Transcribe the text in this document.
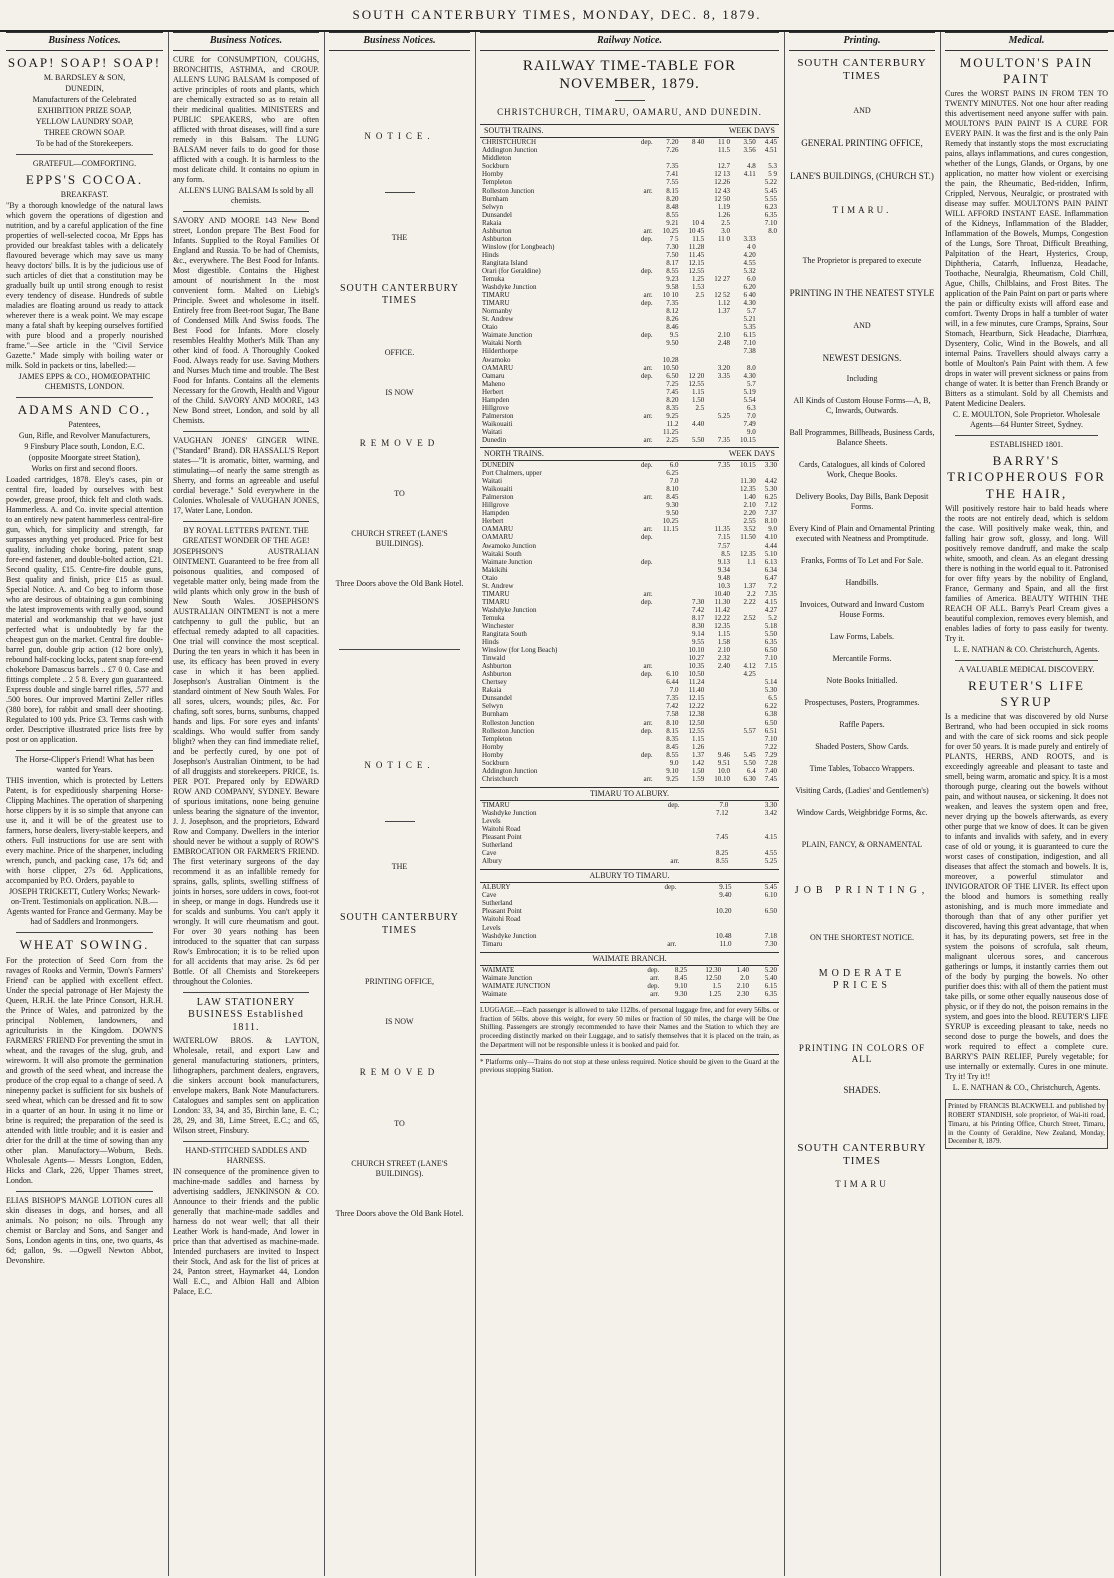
SOUTH CANTERBURY TIMES, MONDAY, DEC. 8, 1879.
Business Notices.
SOAP! SOAP! SOAP!
M. BARDSLEY & SON,
DUNEDIN,
Manufacturers of the Celebrated
EXHIBITION PRIZE SOAP,
YELLOW LAUNDRY SOAP,
THREE CROWN SOAP.
To be had of the Storekeepers.
GRATEFUL—COMFORTING.
EPPS'S COCOA.
BREAKFAST.
"By a thorough knowledge of the natural laws which govern the operations of digestion and nutrition, and by a careful application of the fine properties of well-selected cocoa, Mr Epps has provided our breakfast tables with a delicately flavoured beverage which may save us many heavy doctors' bills. It is by the judicious use of such articles of diet that a constitution may be gradually built up until strong enough to resist every tendency of disease. Hundreds of subtle maladies are floating around us ready to attack wherever there is a weak point. We may escape many a fatal shaft by keeping ourselves fortified with pure blood and a properly nourished frame."—See article in the "Civil Service Gazette." Made simply with boiling water or milk. Sold in packets or tins, labelled:—
JAMES EPPS & CO., HOMŒOPATHIC CHEMISTS, LONDON.
ADAMS AND CO.,
Patentees,
Gun, Rifle, and Revolver Manufacturers,
9 Finsbury Place south, London, E.C.
(opposite Moorgate street Station),
Works on first and second floors.
Loaded cartridges, 1878. Eley's cases, pin or central fire, loaded by ourselves with best powder, grease proof, thick felt and cloth wads. Hammerless. A. and Co. invite special attention to an entirely new patent hammerless central-fire gun, which, for simplicity and strength, far surpasses anything yet produced. Price for best quality, including choke boring, patent snap fore-end fastener, and double-bolted action, £21. Second quality, £15. Centre-fire double guns, Best quality and finish, price £15 as usual. Special Notice. A. and Co beg to inform those who are desirous of obtaining a gun combining the latest improvements with really good, sound material and workmanship that we have just perfected what is undoubtedly by far the cheapest gun on the market. Central fire double-barrel gun, double grip action (12 bore only), rebound half-cocking locks, patent snap fore-end chokebore Damascus barrels .. £7 0 0. Case and fittings complete .. 2 5 8. Every gun guaranteed. Express double and single barrel rifles, .577 and .500 bores. Our improved Martini Zeller rifles (380 bore), for rabbit and small deer shooting. Regulated to 100 yds. Price £3. Terms cash with order. Descriptive illustrated price lists free by post or on application.
The Horse-Clipper's Friend! What has been wanted for Years.
THIS invention, which is protected by Letters Patent, is for expeditiously sharpening Horse-Clipping Machines. The operation of sharpening horse clippers by it is so simple that anyone can use it, and it will be of the greatest use to farmers, horse dealers, livery-stable keepers, and others. Full instructions for use are sent with every machine. Price of the sharpener, including wrench, punch, and packing case, 17s 6d; and with horse clipper, 27s 6d. Applications, accompanied by P.O. Orders, payable to
JOSEPH TRICKETT, Cutlery Works; Newark-on-Trent. Testimonials on application. N.B.—Agents wanted for France and Germany. May be had of Saddlers and Ironmongers.
WHEAT SOWING.
For the protection of Seed Corn from the ravages of Rooks and Vermin, 'Down's Farmers' Friend' can be applied with excellent effect. Under the special patronage of Her Majesty the Queen, H.R.H. the late Prince Consort, H.R.H. the Prince of Wales, and patronized by the principal Noblemen, landowners, and agriculturists in the Kingdom. DOWN'S FARMERS' FRIEND For preventing the smut in wheat, and the ravages of the slug, grub, and wireworm. It will also promote the germination and growth of the seed wheat, and increase the produce of the crop equal to a change of seed. A ninepenny packet is sufficient for six bushels of seed wheat, which can be dressed and fit to sow in a quarter of an hour. In using it no lime or brine is required; the preparation of the seed is attended with little trouble; and it is easier and drier for the drill at the time of sowing than any other plan. Manufactory—Woburn, Beds. Wholesale Agents— Messrs Longton, Edden, Hicks and Clark, 226, Upper Thames street, London.
ELIAS BISHOP'S MANGE LOTION cures all skin diseases in dogs, and horses, and all animals. No poison; no oils. Through any chemist or Barclay and Sons, and Sanger and Sons, London agents in tins, one, two quarts, 4s 6d; gallon, 9s. —Ogwell Newton Abbot, Devonshire.
Business Notices.
CURE for CONSUMPTION, COUGHS, BRONCHITIS, ASTHMA, and CROUP. ALLEN'S LUNG BALSAM Is composed of active principles of roots and plants, which are chemically extracted so as to retain all their medicinal qualities. MINISTERS and PUBLIC SPEAKERS, who are often afflicted with throat diseases, will find a sure remedy in this Balsam. The LUNG BALSAM never fails to do good for those afflicted with a cough. It is harmless to the most delicate child. It contains no opium in any form.
ALLEN'S LUNG BALSAM Is sold by all chemists.
SAVORY AND MOORE 143 New Bond street, London prepare The Best Food for Infants. Supplied to the Royal Families Of England and Russia. To be had of Chemists, &c., everywhere. The Best Food for Infants. Most digestible. Contains the Highest amount of nourishment In the most convenient form. Malted on Liebig's Principle. Sweet and wholesome in itself. Entirely free from Beet-root Sugar, The Bane of Condensed Milk And Swiss foods. The Best Food for Infants. More closely resembles Healthy Mother's Milk Than any other kind of food. A Thoroughly Cooked Food. Always ready for use. Saving Mothers and Nurses Much time and trouble. The Best Food for Infants. Contains all the elements Necessary for the Growth, Health and Vigour of the Child. SAVORY AND MOORE, 143 New Bond street, London, and sold by all Chemists.
VAUGHAN JONES' GINGER WINE. ("Standard" Brand). DR HASSALL'S Report states—"It is aromatic, bitter, warming, and stimulating—of nearly the same strength as Sherry, and forms an agreeable and useful cordial beverage." Sold everywhere in the Colonies. Wholesale of VAUGHAN JONES, 17, Water Lane, London.
BY ROYAL LETTERS PATENT. THE GREATEST WONDER OF THE AGE!
JOSEPHSON'S AUSTRALIAN OINTMENT. Guaranteed to be free from all poisonous qualities, and composed of vegetable matter only, being made from the wild plants which only grow in the bush of New South Wales. JOSEPHSON'S AUSTRALIAN OINTMENT is not a mere catchpenny to gull the public, but an effectual remedy adapted to all capacities. One trial will convince the most sceptical. During the ten years in which it has been in use, its efficacy has been proved in every case in which it has been applied. Josephson's Australian Ointment is the standard ointment of New South Wales. For all sores, ulcers, wounds; piles, &c. For chafing, soft sores, burns, sunburns, chapped hands and lips. For sore eyes and infants' scaldings. Who would suffer from sandy blight? when they can find immediate relief, and be perfectly cured, by one pot of Josephson's Australian Ointment, to be had of all druggists and storekeepers. PRICE, 1s. PER POT. Prepared only by EDWARD ROW AND COMPANY, SYDNEY. Beware of spurious imitations, none being genuine unless bearing the signature of the inventor, J. J. Josephson, and the proprietors, Edward Row and Company. Dwellers in the interior should never be without a supply of ROW'S EMBROCATION OR FARMER'S FRIEND. The first veterinary surgeons of the day recommend it as an infallible remedy for sprains, galls, splints, swelling stiffness of joints in horses, sore udders in cows, foot-rot in sheep, or mange in dogs. Hundreds use it for scalds and sunburns. You can't apply it wrongly. It will cure rheumatism and gout. For over 30 years nothing has been introduced to the squatter that can surpass Row's Embrocation; it is to be relied upon for all accidents that may arise. 2s 6d per Bottle. Of all Chemists and Storekeepers throughout the Colonies.
LAW STATIONERY BUSINESS Established 1811.
WATERLOW BROS. & LAYTON, Wholesale, retail, and export Law and general manufacturing stationers, printers, lithographers, parchment dealers, engravers, die sinkers account book manufacturers, envelope makers, Bank Note Manufacturers. Catalogues and samples sent on application London: 33, 34, and 35, Birchin lane, E. C.; 28, 29, and 38, Lime Street, E.C.; and 65, Wilson street, Finsbury.
HAND-STITCHED SADDLES AND HARNESS.
IN consequence of the prominence given to machine-made saddles and harness by advertising saddlers, JENKINSON & CO. Announce to their friends and the public generally that machine-made saddles and harness do not wear well; that all their Leather Work is hand-made, And lower in price than that advertised as machine-made. Intended purchasers are invited to Inspect their Stock, And ask for the list of prices at 24, Panton street, Haymarket 44, London Wall E.C., and Albion Hall and Albion Palace, E.C.
Business Notices.
NOTICE.
THE
SOUTH CANTERBURY TIMES
OFFICE.
IS NOW
REMOVED
TO
CHURCH STREET (LANE'S BUILDINGS).
Three Doors above the Old Bank Hotel.
NOTICE.
THE
SOUTH CANTERBURY TIMES
PRINTING OFFICE,
IS NOW
REMOVED
TO
CHURCH STREET (LANE'S BUILDINGS).
Three Doors above the Old Bank Hotel.
Railway Notice.
RAILWAY TIME-TABLE FOR NOVEMBER, 1879.
CHRISTCHURCH, TIMARU, OAMARU, AND DUNEDIN.
SOUTH TRAINS.	WEEK DAYS
CHRISTCHURCH	dep.	7.20	8 40	11 0	3.50	4.45
Addington Junction		7.26		11.5	3.56	4.51
Middleton						
Sockburn		7.35		12.7	4.8	5.3
Hornby		7.41		12 13	4.11	5 9
Templeton		7.55		12.26		5.22
Rolleston Junction	arr.	8.15		12 43		5.45
Burnham		8.20		12 50		5.55
Selwyn		8.48		1.19		6.23
Dunsandel		8.55		1.26		6.35
Rakaia		9.21	10 4	2.5		7.10
Ashburton	arr.	10.25	10 45	3.0		8.0
Ashburton	dep.	7 5	11.5	11 0	3.33	
Winslow (for Longbeach)		7.30	11.28		4 0	
Hinds		7.50	11.45		4.20	
Rangitata Island		8.17	12.15		4.55	
Orari (for Geraldine)	dep.	8.55	12.55		5.32	
Temuka		9.23	1.25	12 27	6.0	
Washdyke Junction		9.58	1.53		6.20	
TIMARU	arr.	10 10	2.5	12 52	6 40	
TIMARU	dep.	7.35		1.12	4.30	
Normanby		8.12		1.37	5.7	
St. Andrew		8.26			5.21	
Otaio		8.46			5.35	
Waimate Junction	dep.	9.5		2.10	6.15	
Waitaki North		9.50		2.48	7.10	
Hilderthorpe					7.38	
Awamoko		10.28				
OAMARU	arr.	10.50		3.20	8.0	
Oamaru	dep.	6.50	12 20	3.35	4.30	
Maheno		7.25	12.55		5.7	
Herbert		7.45	1.15		5.19	
Hampden		8.20	1.50		5.54	
Hillgrove		8.35	2.5		6.3	
Palmerston	arr.	9.25		5.25	7.0	
Waikouaiti		11.2	4.40		7.49	
Waitati		11.25			9.0	
Dunedin	arr.	2.25	5.50	7.35	10.15	
NORTH TRAINS.	WEEK DAYS
DUNEDIN	dep.	6.0		7.35	10.15	3.30
Port Chalmers, upper		6.25				
Waitati		7.0			11.30	4.42
Waikouaiti		8.10			12.35	5.30
Palmerston	arr.	8.45			1.40	6.25
Hillgrove		9.30			2.10	7.12
Hampden		9.50			2.20	7.37
Herbert		10.25			2.55	8.10
OAMARU	arr.	11.15		11.35	3.52	9.0
OAMARU	dep.			7.15	11.50	4.10
Awamoko Junction				7.57		4.44
Waitaki South				8.5	12.35	5.10
Waimate Junction	dep.			9.13	1.1	6.13
Makikihi				9.34		6.34
Otaio				9.48		6.47
St. Andrew				10.3	1.37	7.2
TIMARU	arr.			10.40	2.2	7.35
TIMARU	dep.		7.30	11.30	2.22	4.15
Washdyke Junction			7.42	11.42		4.27
Temuka			8.17	12.22	2.52	5.2
Winchester			8.30	12.35		5.18
Rangitata South			9.14	1.15		5.50
Hinds			9.55	1.58		6.35
Winslow (for Long Beach)			10.10	2.10		6.50
Tinwald			10.27	2.32		7.10
Ashburton	arr.		10.35	2.40	4.12	7.15
Ashburton	dep.	6.10	10.50		4.25	
Chertsey		6.44	11.24			5.14
Rakaia		7.0	11.40			5.30
Dunsandel		7.35	12.15			6.5
Selwyn		7.42	12.22			6.22
Burnham		7.58	12.38			6.38
Rolleston Junction	arr.	8.10	12.50			6.50
Rolleston Junction	dep.	8.15	12.55		5.57	6.51
Templeton		8.35	1.15			7.10
Hornby		8.45	1.26			7.22
Hornby	dep.	8.55	1.37	9.46	5.45	7.29
Sockburn		9.0	1.42	9.51	5.50	7.28
Addington Junction		9.10	1.50	10.0	6.4	7.40
Christchurch	arr.	9.25	1.59	10.10	6.30	7.45
TIMARU TO ALBURY.
TIMARU	dep.	7.0	3.30
Washdyke Junction		7.12	3.42
Levels			
Waitohi Road			
Pleasant Point		7.45	4.15
Sutherland			
Cave		8.25	4.55
Albury	arr.	8.55	5.25
ALBURY TO TIMARU.
ALBURY	dep.	9.15	5.45
Cave		9.40	6.10
Sutherland			
Pleasant Point		10.20	6.50
Waitohi Road			
Levels			
Washdyke Junction		10.48	7.18
Timaru	arr.	11.0	7.30
WAIMATE BRANCH.
WAIMATE	dep.	8.25	12.30	1.40	5.20
Waimate Junction	arr.	8.45	12.50	2.0	5.40
WAIMATE JUNCTION	dep.	9.10	1.5	2.10	6.15
Waimate	arr.	9.30	1.25	2.30	6.35
LUGGAGE.—Each passenger is allowed to take 112lbs. of personal luggage free, and for every 56lbs. or fraction of 56lbs. above this weight, for every 50 miles or fraction of 50 miles, the charge will be One Shilling. Passengers are strongly recommended to have their Names and the Station to which they are proceeding distinctly marked on their Luggage, and to satisfy themselves that it is placed on the train, as the Department will not be responsible unless it is booked and paid for.
* Platforms only—Trains do not stop at these unless required. Notice should be given to the Guard at the previous stopping Station.
Printing.

SOUTH CANTERBURY TIMES

AND

GENERAL PRINTING OFFICE,

LANE'S BUILDINGS, (CHURCH ST.)

TIMARU.

The Proprietor is prepared to execute

PRINTING IN THE NEATEST STYLE

AND

NEWEST DESIGNS.

Including

All Kinds of Custom House Forms—A, B, C, Inwards, Outwards.

Ball Programmes, Billheads, Business Cards, Balance Sheets.

Cards, Catalogues, all kinds of Colored Work, Cheque Books.

Delivery Books, Day Bills, Bank Deposit Forms.

Every Kind of Plain and Ornamental Printing executed with Neatness and Promptitude.

Franks, Forms of To Let and For Sale.

Handbills.

Invoices, Outward and Inward Custom House Forms.

Law Forms, Labels.

Mercantile Forms.

Note Books Initialled.

Prospectuses, Posters, Programmes.

Raffle Papers.

Shaded Posters, Show Cards.

Time Tables, Tobacco Wrappers.

Visiting Cards, (Ladies' and Gentlemen's)

Window Cards, Weighbridge Forms, &c.

PLAIN, FANCY, & ORNAMENTAL

JOB PRINTING,

ON THE SHORTEST NOTICE.

MODERATE PRICES

PRINTING IN COLORS OF ALL

SHADES.

SOUTH CANTERBURY TIMES

TIMARU

Medical.
MOULTON'S PAIN PAINT
Cures the WORST PAINS IN FROM TEN TO TWENTY MINUTES. Not one hour after reading this advertisement need anyone suffer with pain. MOULTON'S PAIN PAINT IS A CURE FOR EVERY PAIN. It was the first and is the only Pain Remedy that instantly stops the most excruciating pains, allays inflammations, and cures congestion, whether of the Lungs, Glands, or Organs, by one application, no matter how violent or exercising the pain, the Rheumatic, Bed-ridden, Infirm, Crippled, Nervous, Neuralgic, or prostrated with disease may suffer. MOULTON'S PAIN PAINT WILL AFFORD INSTANT EASE. Inflammation of the Kidneys, Inflammation of the Bladder, Inflammation of the Bowels, Mumps, Congestion of the Lungs, Sore Throat, Difficult Breathing, Palpitation of the Heart, Hysterics, Croup, Diphtheria, Catarrh, Influenza, Headache, Toothache, Neuralgia, Rheumatism, Cold Chill, Ague, Chills, Chilblains, and Frost Bites. The application of the Pain Paint on part or parts where the pain or difficulty exists will afford ease and comfort. Twenty Drops in half a tumbler of water will, in a few minutes, cure Cramps, Sprains, Sour Stomach, Heartburn, Sick Headache, Diarrhœa, Dysentery, Colic, Wind in the Bowels, and all internal Pains. Travellers should always carry a bottle of Moulton's Pain Paint with them. A few drops in water will prevent sickness or pains from change of water. It is better than French Brandy or Bitters as a stimulant. Sold by all Chemists and Patent Medicine Dealers.
C. E. MOULTON, Sole Proprietor. Wholesale Agents—64 Hunter Street, Sydney.
ESTABLISHED 1801.
BARRY'S TRICOPHEROUS FOR THE HAIR,
Will positively restore hair to bald heads where the roots are not entirely dead, which is seldom the case. Will positively make weak, thin, and falling hair grow soft, glossy, and long. Will positively remove dandruff, and make the scalp white, smooth, and clean. As an elegant dressing there is nothing in the world equal to it. Patronised for over fifty years by the nobility of England, France, Germany and Spain, and all the first families of America. BEAUTY WITHIN THE REACH OF ALL. Barry's Pearl Cream gives a beautiful complexion, removes every blemish, and enables ladies of forty to pass easily for twenty. Try it.
L. E. NATHAN & CO. Christchurch, Agents.
A VALUABLE MEDICAL DISCOVERY.
REUTER'S LIFE SYRUP
Is a medicine that was discovered by old Nurse Bertrand, who had been occupied in sick rooms and with the care of sick rooms and sick people for over 50 years. It is made purely and entirely of PLANTS, HERBS, AND ROOTS, and is exceedingly agreeable and pleasant to taste and smell, being warm, aromatic and spicy. It is a most thorough purge, clearing out the bowels without pain, and without nausea, or sickening. It does not weaken, and leaves the system open and free, never drying up the bowels afterwards, as every other purge that we know of does. It can be given to infants and invalids with safety, and in every case of old or young, it is guaranteed to cure the worst cases of constipation, indigestion, and all diseases that affect the stomach and bowels. It is, moreover, a powerful stimulator and INVIGORATOR OF THE LIVER. Its effect upon the blood and humors is something really astonishing, and is much more immediate and thorough than that of any other purifier yet discovered, having this great advantage, that when it has, by its depurating powers, set free in the system the poisons of scrofula, salt rheum, malignant ulcerous sores, and cancerous gatherings or lumps, it instantly carries them out of the body by purging the bowels. No other purifier does this: with all of them the patient must take pills, or some other equally nauseous dose of physic, or if they do not, the poison remains in the system, and goes into the blood. REUTER'S LIFE SYRUP is exceeding pleasant to take, needs no second dose to purge the bowels, and does the work required to effect a complete cure. BARRY'S PAIN RELIEF, Purely vegetable; for use internally or externally. Cures in one minute. Try it! Try it!!
L. E. NATHAN & CO., Christchurch, Agents.
Printed by FRANCIS BLACKWELL and published by ROBERT STANDISH, sole proprietor, of Wai-iti road, Timaru, at his Printing Office, Church Street, Timaru, in the County of Geraldine, New Zealand, Monday, December 8, 1879.
